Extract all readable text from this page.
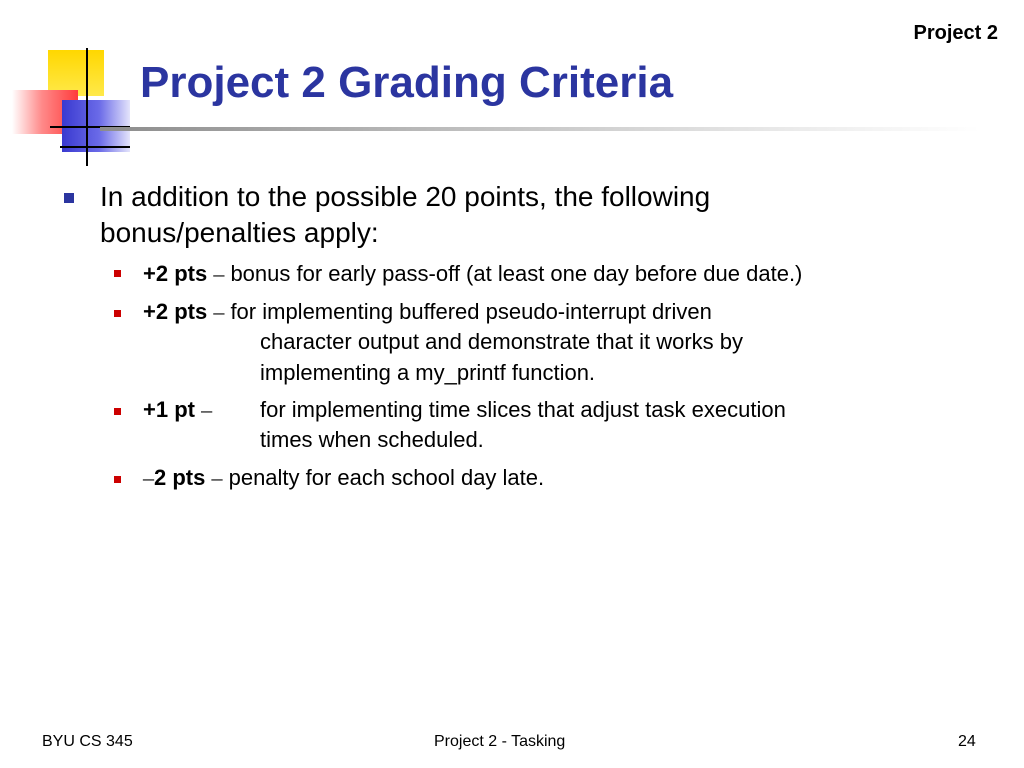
Project 2
Project 2 Grading Criteria
In addition to the possible 20 points, the following bonus/penalties apply:
+2 pts – bonus for early pass-off (at least one day before due date.)
+2 pts – for implementing buffered pseudo-interrupt driven
character output and demonstrate that it works by
implementing a my_printf function.
+1 pt – for implementing time slices that adjust task execution
times when scheduled.
–2 pts – penalty for each school day late.
BYU CS 345	Project 2 - Tasking	24
